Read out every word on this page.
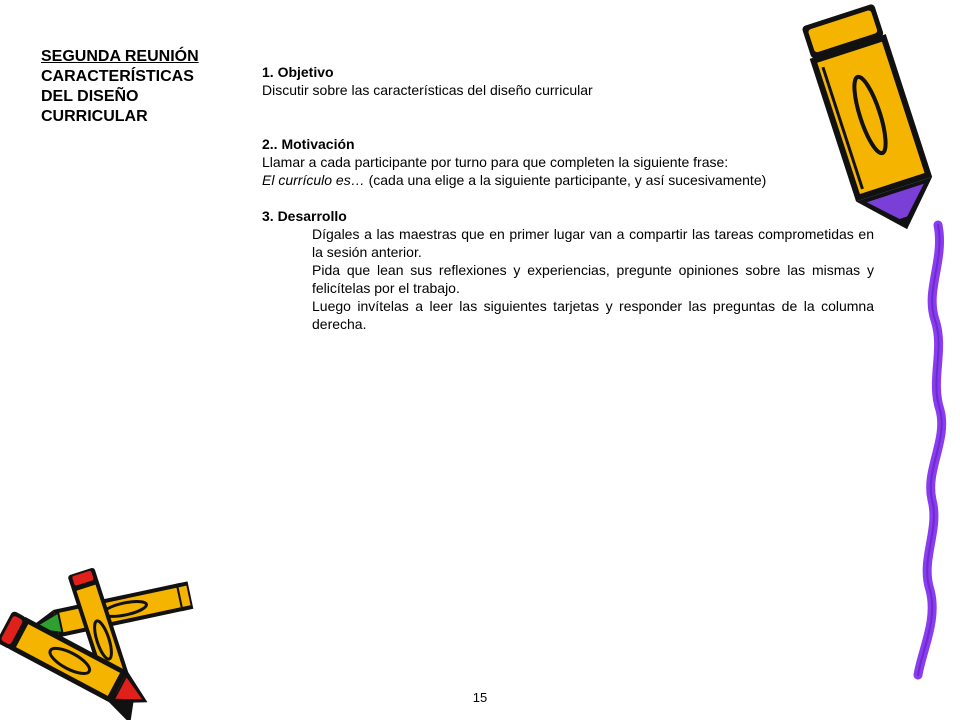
SEGUNDA REUNIÓN
CARACTERÍSTICAS
DEL DISEÑO
CURRICULAR
1. Objetivo
Discutir sobre las características del diseño curricular
2.. Motivación
Llamar a cada participante por turno para que completen la siguiente frase:
El currículo es… (cada una elige a la siguiente participante, y así sucesivamente)
3. Desarrollo
Dígales a las maestras que en primer lugar van a compartir las tareas comprometidas en la sesión anterior.
Pida que lean sus reflexiones y experiencias, pregunte opiniones sobre las mismas y felicítelas por el trabajo.
Luego invítelas a leer las siguientes tarjetas y responder las preguntas de la columna derecha.
15
